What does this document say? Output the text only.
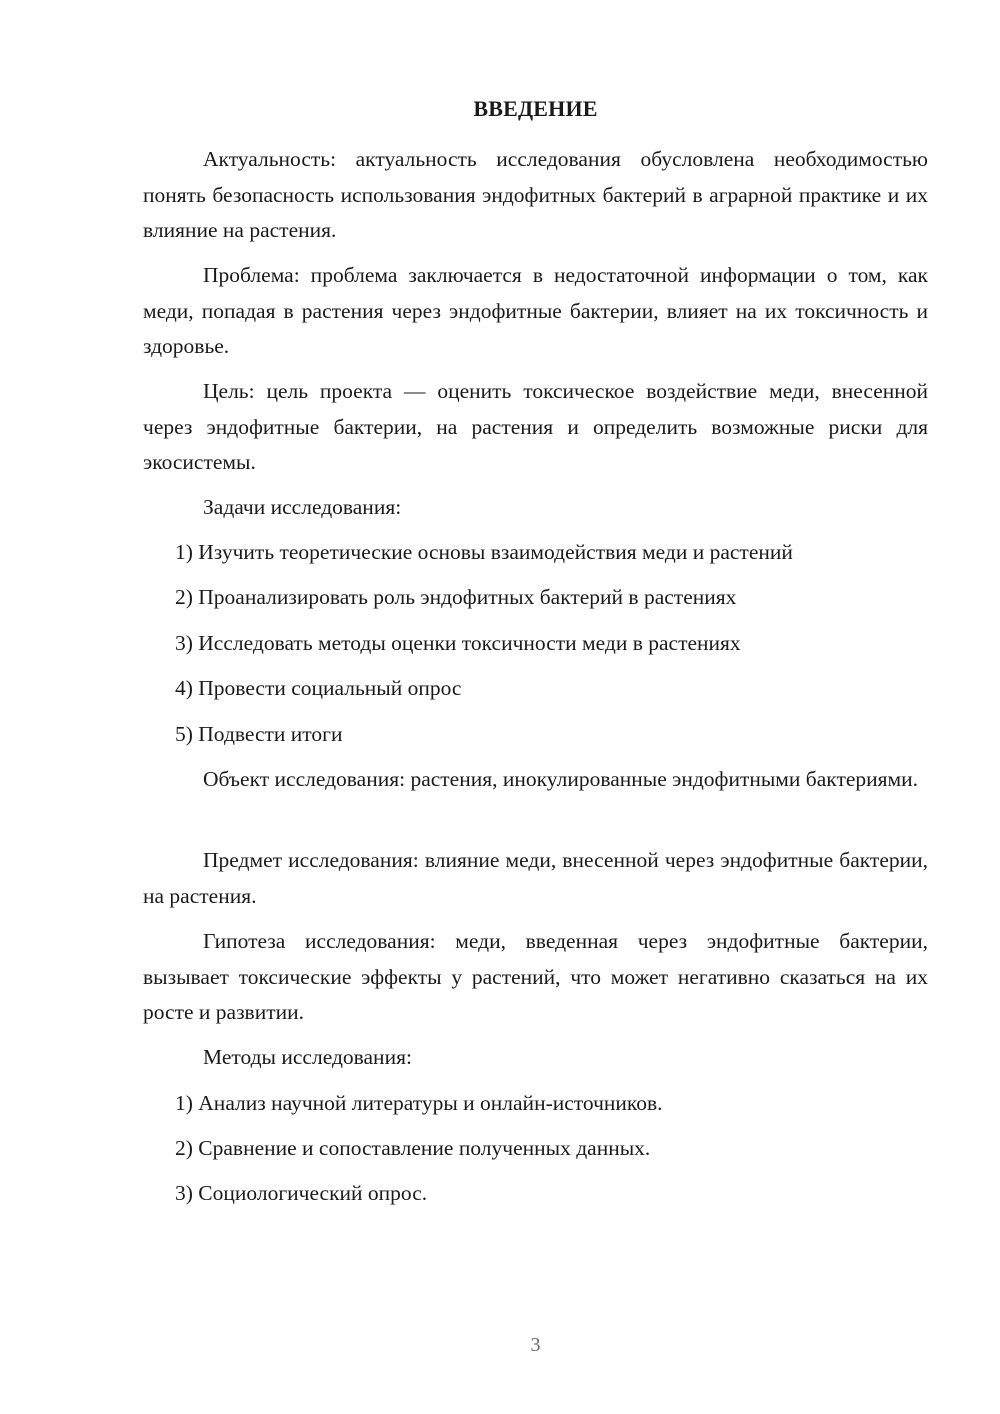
ВВЕДЕНИЕ

Актуальность: актуальность исследования обусловлена необходимостью понять безопасность использования эндофитных бактерий в аграрной практике и их влияние на растения.

Проблема: проблема заключается в недостаточной информации о том, как меди, попадая в растения через эндофитные бактерии, влияет на их токсичность и здоровье.

Цель: цель проекта — оценить токсическое воздействие меди, внесенной через эндофитные бактерии, на растения и определить возможные риски для экосистемы.

Задачи исследования:

1) Изучить теоретические основы взаимодействия меди и растений

2) Проанализировать роль эндофитных бактерий в растениях

3) Исследовать методы оценки токсичности меди в растениях

4) Провести социальный опрос

5) Подвести итоги

Объект исследования: растения, инокулированные эндофитными бактериями.

Предмет исследования: влияние меди, внесенной через эндофитные бактерии, на растения.

Гипотеза исследования: меди, введенная через эндофитные бактерии, вызывает токсические эффекты у растений, что может негативно сказаться на их росте и развитии.

Методы исследования:

1) Анализ научной литературы и онлайн-источников.

2) Сравнение и сопоставление полученных данных.

3) Социологический опрос.

3
